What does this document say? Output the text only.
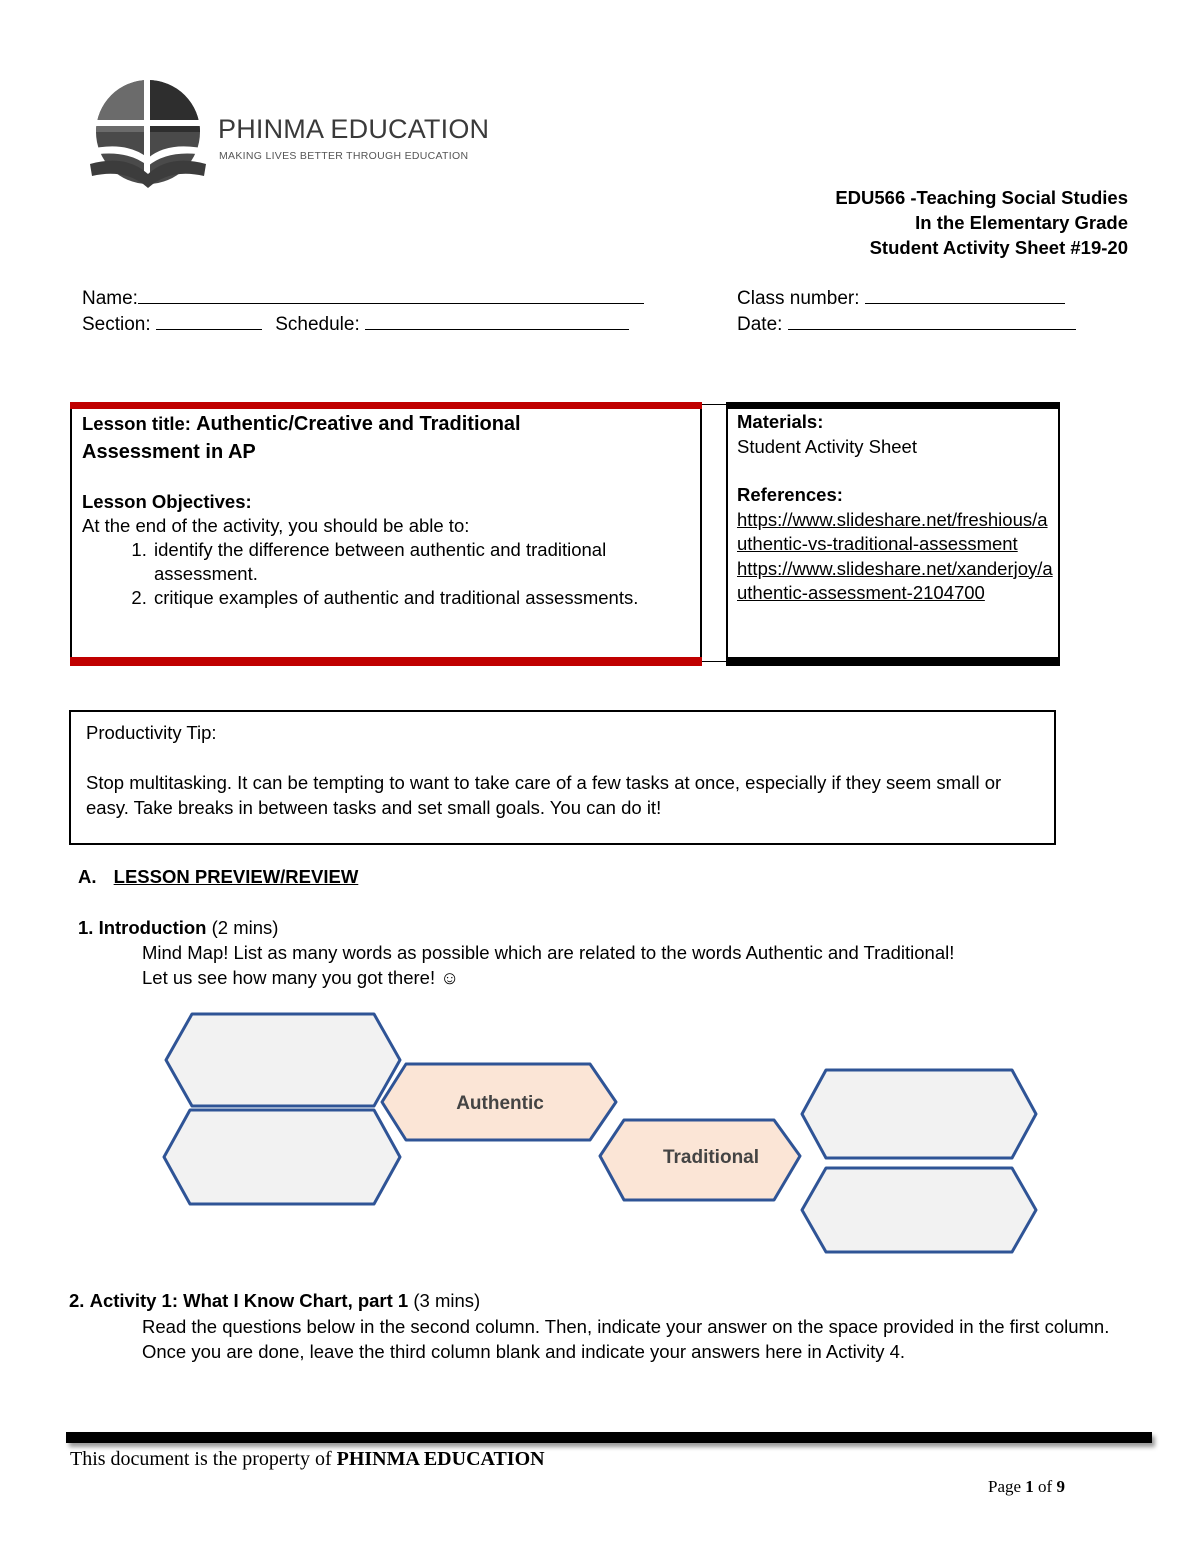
PHINMA EDUCATION
MAKING LIVES BETTER THROUGH EDUCATION
EDU566 -Teaching Social Studies
In the Elementary Grade
Student Activity Sheet #19-20
Name:
Section:	Schedule:
Class number:
Date:
Lesson title: Authentic/Creative and Traditional
Assessment in AP
Lesson Objectives:
At the end of the activity, you should be able to:
1. identify the difference between authentic and traditional assessment.
2. critique examples of authentic and traditional assessments.
Materials:
Student Activity Sheet
References:
https://www.slideshare.net/freshious/authentic-vs-traditional-assessment
https://www.slideshare.net/xanderjoy/authentic-assessment-2104700
Productivity Tip:
Stop multitasking. It can be tempting to want to take care of a few tasks at once, especially if they seem small or easy. Take breaks in between tasks and set small goals. You can do it!
A. LESSON PREVIEW/REVIEW
1. Introduction (2 mins)
Mind Map! List as many words as possible which are related to the words Authentic and Traditional!
Let us see how many you got there! ☺
Authentic
Traditional
2. Activity 1: What I Know Chart, part 1 (3 mins)
Read the questions below in the second column. Then, indicate your answer on the space provided in the first column. Once you are done, leave the third column blank and indicate your answers here in Activity 4.
This document is the property of PHINMA EDUCATION
Page 1 of 9
